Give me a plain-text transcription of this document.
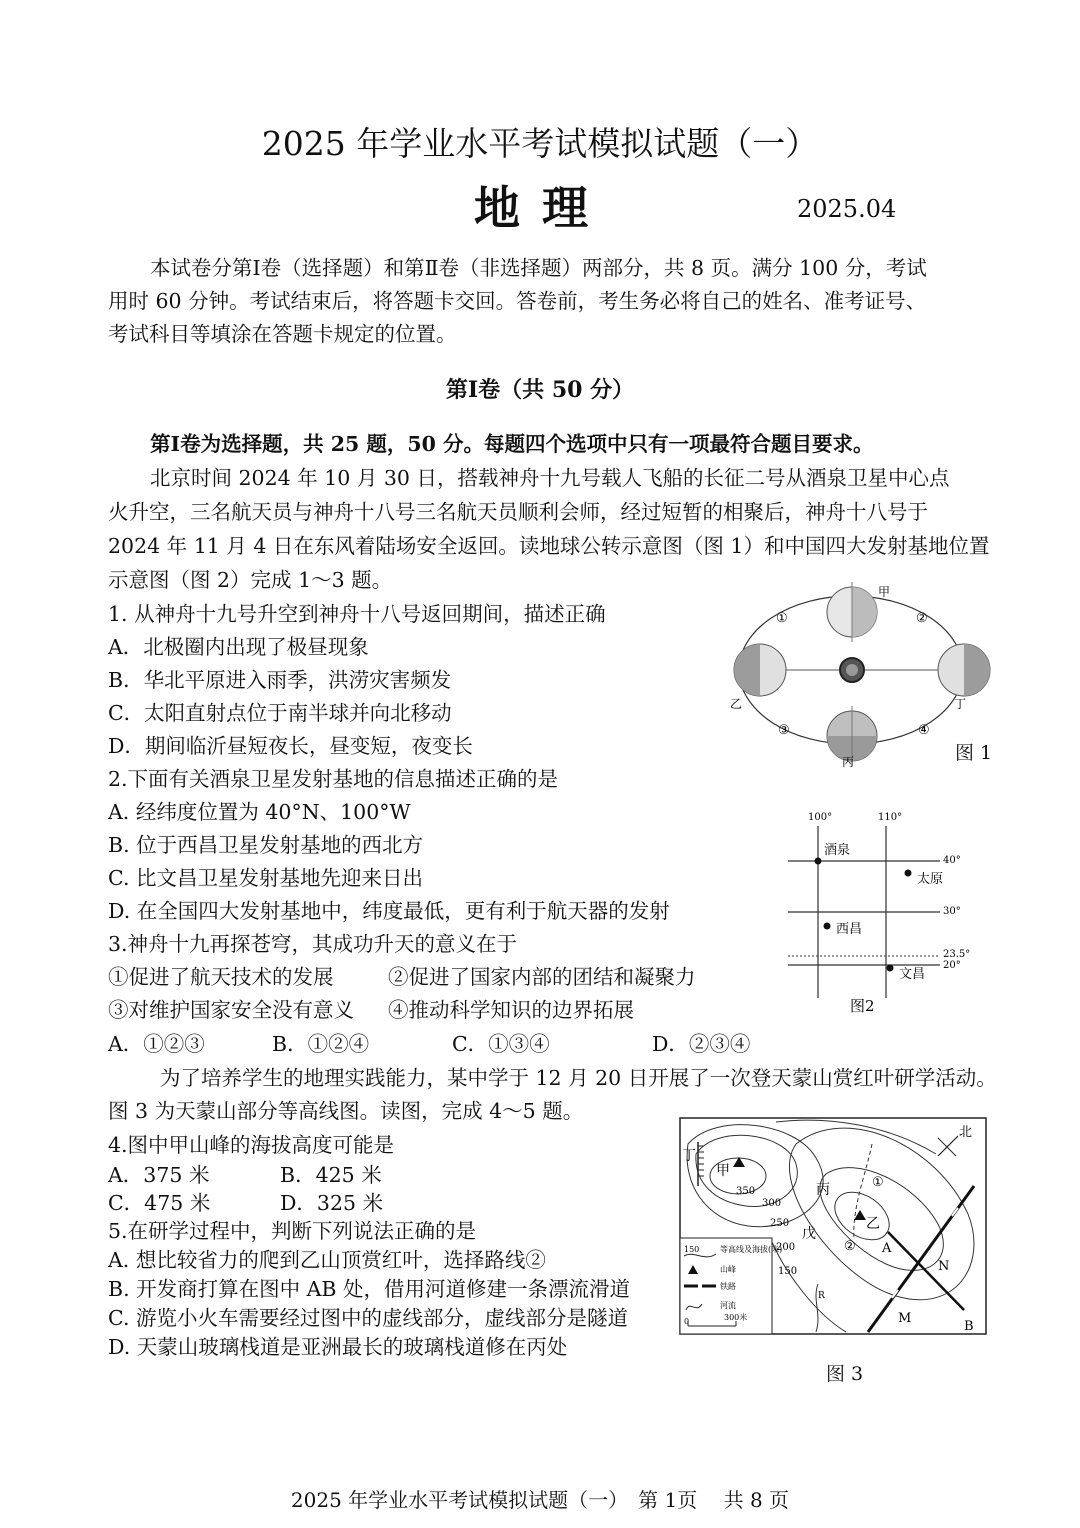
2025 年学业水平考试模拟试题（一）
地理	2025.04
本试卷分第Ⅰ卷（选择题）和第Ⅱ卷（非选择题）两部分，共 8 页。满分 100 分，考试
用时 60 分钟。考试结束后，将答题卡交回。答卷前，考生务必将自己的姓名、准考证号、
考试科目等填涂在答题卡规定的位置。
第Ⅰ卷（共 50 分）
第Ⅰ卷为选择题，共 25 题，50 分。每题四个选项中只有一项最符合题目要求。
北京时间 2024 年 10 月 30 日，搭载神舟十九号载人飞船的长征二号从酒泉卫星中心点
火升空，三名航天员与神舟十八号三名航天员顺利会师，经过短暂的相聚后，神舟十八号于
2024 年 11 月 4 日在东风着陆场安全返回。读地球公转示意图（图 1）和中国四大发射基地位置
示意图（图 2）完成 1～3 题。
1. 从神舟十九号升空到神舟十八号返回期间，描述正确
A．北极圈内出现了极昼现象
B．华北平原进入雨季，洪涝灾害频发
C．太阳直射点位于南半球并向北移动
D．期间临沂昼短夜长，昼变短，夜变长
2.下面有关酒泉卫星发射基地的信息描述正确的是
A. 经纬度位置为 40°N、100°W
B. 位于西昌卫星发射基地的西北方
C. 比文昌卫星发射基地先迎来日出
D. 在全国四大发射基地中，纬度最低，更有利于航天器的发射
3.神舟十九再探苍穹，其成功升天的意义在于
①促进了航天技术的发展	②促进了国家内部的团结和凝聚力
③对维护国家安全没有意义 ④推动科学知识的边界拓展
A．①②③	B．①②④	C．①③④	D．②③④
为了培养学生的地理实践能力，某中学于 12 月 20 日开展了一次登天蒙山赏红叶研学活动。
图 3 为天蒙山部分等高线图。读图，完成 4～5 题。
4.图中甲山峰的海拔高度可能是
A．375 米	B．425 米
C．475 米	D．325 米
5.在研学过程中，判断下列说法正确的是
A. 想比较省力的爬到乙山顶赏红叶，选择路线②
B. 开发商打算在图中 AB 处，借用河道修建一条漂流滑道
C. 游览小火车需要经过图中的虚线部分，虚线部分是隧道
D. 天蒙山玻璃栈道是亚洲最长的玻璃栈道修在丙处
甲
乙
丙
丁
①	②
③	④
图 1
100°	110°
40°
30°
23.5°
20°
酒泉
太原
西昌
文昌
图2
北
甲
乙
丙
丁
戊
350
300
250
200
150
①
② A
B
M
N
R
150	等高线及海拔(米)
山峰
铁路
河流
0	300米
图 3
2025 年学业水平考试模拟试题（一）　第 1页　 共 8 页
